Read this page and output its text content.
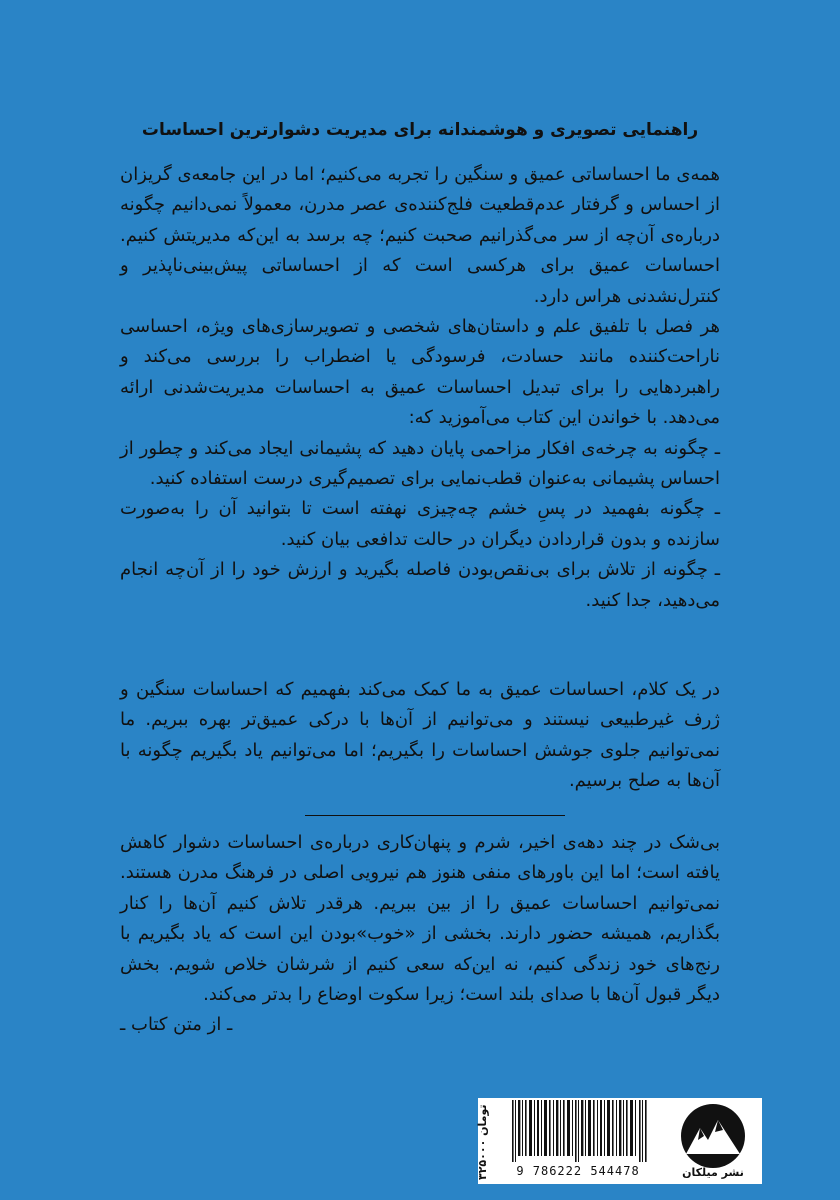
راهنمایی تصویری و هوشمندانه برای مدیریت دشوارترین احساسات

همه‌ی ما احساساتی عمیق و سنگین را تجربه می‌کنیم؛ اما در این جامعه‌ی گریزان از احساس و گرفتار عدم‌قطعیت فلج‌کننده‌ی عصر مدرن، معمولاً نمی‌دانیم چگونه درباره‌ی آن‌چه از سر می‌گذرانیم صحبت کنیم؛ چه برسد به این‌که مدیریتش کنیم. احساسات عمیق برای هرکسی است که از احساساتی پیش‌بینی‌ناپذیر و کنترل‌نشدنی هراس دارد.

هر فصل با تلفیق علم و داستان‌های شخصی و تصویرسازی‌های ویژه، احساسی ناراحت‌کننده مانند حسادت، فرسودگی یا اضطراب را بررسی می‌کند و راهبردهایی را برای تبدیل احساسات عمیق به احساسات مدیریت‌شدنی ارائه می‌دهد. با خواندن این کتاب می‌آموزید که:

ـ چگونه به چرخه‌ی افکار مزاحمی پایان دهید که پشیمانی ایجاد می‌کند و چطور از احساس پشیمانی به‌عنوان قطب‌نمایی برای تصمیم‌گیری درست استفاده کنید.

ـ چگونه بفهمید در پسِ خشم چه‌چیزی نهفته است تا بتوانید آن را به‌صورت سازنده و بدون قراردادن دیگران در حالت تدافعی بیان کنید.

ـ چگونه از تلاش برای بی‌نقص‌بودن فاصله بگیرید و ارزش خود را از آن‌چه انجام می‌دهید، جدا کنید.

در یک کلام، احساسات عمیق به ما کمک می‌کند بفهمیم که احساسات سنگین و ژرف غیرطبیعی نیستند و می‌توانیم از آن‌ها با درکی عمیق‌تر بهره ببریم. ما نمی‌توانیم جلوی جوشش احساسات را بگیریم؛ اما می‌توانیم یاد بگیریم چگونه با آن‌ها به صلح برسیم.

بی‌شک در چند دهه‌ی اخیر، شرم و پنهان‌کاری درباره‌ی احساسات دشوار کاهش یافته است؛ اما این باورهای منفی هنوز هم نیرویی اصلی در فرهنگ مدرن هستند. نمی‌توانیم احساسات عمیق را از بین ببریم. هرقدر تلاش کنیم آن‌ها را کنار بگذاریم، همیشه حضور دارند. بخشی از «خوب»بودن این است که یاد بگیریم با رنج‌های خود زندگی کنیم، نه این‌که سعی کنیم از شرشان خلاص شویم. بخش دیگر قبول آن‌ها با صدای بلند است؛ زیرا سکوت اوضاع را بدتر می‌کند.

ـ از متن کتاب ـ

۳۲۵۰۰۰ تومان
9 786222 544478	نشر میلکان
